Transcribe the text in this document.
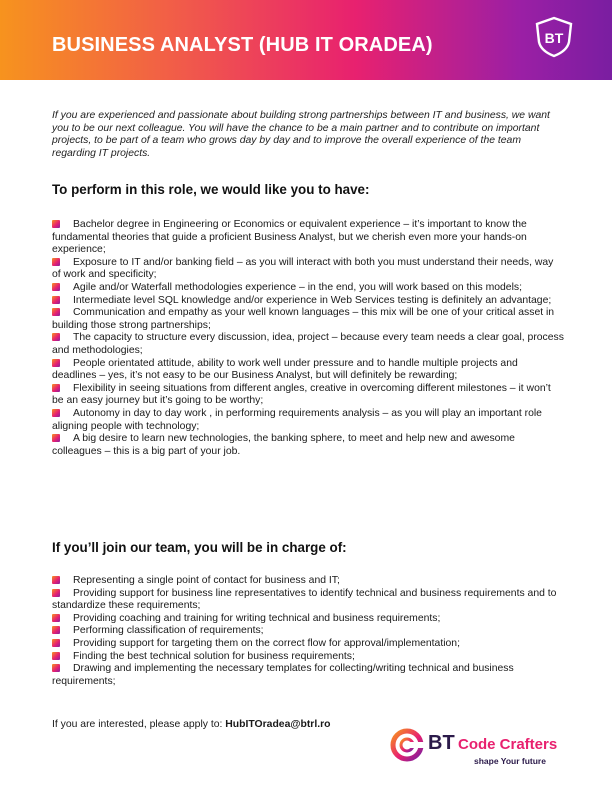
BUSINESS ANALYST (HUB IT ORADEA)	BT
If you are experienced and passionate about building strong partnerships between IT and business, we want you to be our next colleague. You will have the chance to be a main partner and to contribute on important projects, to be part of a team who grows day by day and to improve the overall experience of the team regarding IT projects.
To perform in this role, we would like you to have:
Bachelor degree in Engineering or Economics or equivalent experience – it’s important to know the fundamental theories that guide a proficient Business Analyst, but we cherish even more your hands-on experience;
Exposure to IT and/or banking field – as you will interact with both you must understand their needs, way of work and specificity;
Agile and/or Waterfall methodologies experience – in the end, you will work based on this models;
Intermediate level SQL knowledge and/or experience in Web Services testing is definitely an advantage;
Communication and empathy as your well known languages – this mix will be one of your critical asset in building those strong partnerships;
The capacity to structure every discussion, idea, project – because every team needs a clear goal, process and methodologies;
People orientated attitude, ability to work well under pressure and to handle multiple projects and deadlines – yes, it’s not easy to be our Business Analyst, but will definitely be rewarding;
Flexibility in seeing situations from different angles, creative in overcoming different milestones – it won’t be an easy journey but it’s going to be worthy;
Autonomy in day to day work , in performing requirements analysis – as you will play an important role aligning people with technology;
A big desire to learn new technologies, the banking sphere, to meet and help new and awesome colleagues – this is a big part of your job.
If you’ll join our team, you will be in charge of:
Representing a single point of contact for business and IT;
Providing support for business line representatives to identify technical and business requirements and to standardize these requirements;
Providing coaching and training for writing technical and business requirements;
Performing classification of requirements;
Providing support for targeting them on the correct flow for approval/implementation;
Finding the best technical solution for business requirements;
Drawing and implementing the necessary templates for collecting/writing technical and business requirements;
If you are interested, please apply to: HubITOradea@btrl.ro
BT Code Crafters
shape Your future
